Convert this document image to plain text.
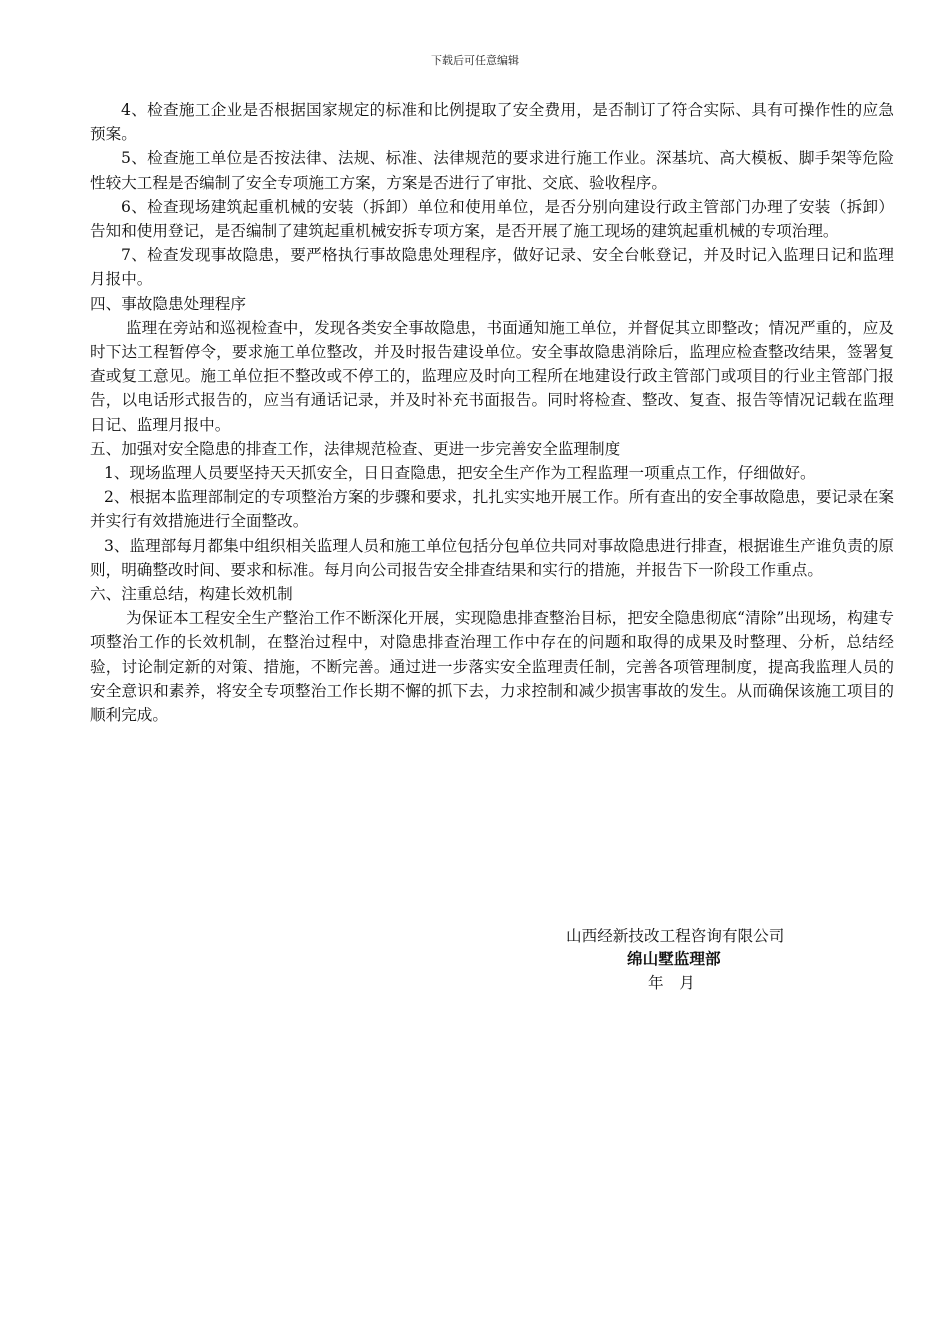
下载后可任意编辑

4、检查施工企业是否根据国家规定的标准和比例提取了安全费用，是否制订了符合实际、具有可操作性的应急预案。

5、检查施工单位是否按法律、法规、标准、法律规范的要求进行施工作业。深基坑、高大模板、脚手架等危险性较大工程是否编制了安全专项施工方案，方案是否进行了审批、交底、验收程序。

6、检查现场建筑起重机械的安装（拆卸）单位和使用单位，是否分别向建设行政主管部门办理了安装（拆卸）告知和使用登记，是否编制了建筑起重机械安拆专项方案，是否开展了施工现场的建筑起重机械的专项治理。

7、检查发现事故隐患，要严格执行事故隐患处理程序，做好记录、安全台帐登记，并及时记入监理日记和监理月报中。

四、事故隐患处理程序

监理在旁站和巡视检查中，发现各类安全事故隐患，书面通知施工单位，并督促其立即整改；情况严重的，应及时下达工程暂停令，要求施工单位整改，并及时报告建设单位。安全事故隐患消除后，监理应检查整改结果，签署复查或复工意见。施工单位拒不整改或不停工的，监理应及时向工程所在地建设行政主管部门或项目的行业主管部门报告，以电话形式报告的，应当有通话记录，并及时补充书面报告。同时将检查、整改、复查、报告等情况记载在监理日记、监理月报中。

五、加强对安全隐患的排查工作，法律规范检查、更进一步完善安全监理制度

1、现场监理人员要坚持天天抓安全，日日查隐患，把安全生产作为工程监理一项重点工作，仔细做好。

2、根据本监理部制定的专项整治方案的步骤和要求，扎扎实实地开展工作。所有查出的安全事故隐患，要记录在案并实行有效措施进行全面整改。

3、监理部每月都集中组织相关监理人员和施工单位包括分包单位共同对事故隐患进行排查，根据谁生产谁负责的原则，明确整改时间、要求和标准。每月向公司报告安全排查结果和实行的措施，并报告下一阶段工作重点。

六、注重总结，构建长效机制

为保证本工程安全生产整治工作不断深化开展，实现隐患排查整治目标，把安全隐患彻底“清除”出现场，构建专项整治工作的长效机制，在整治过程中，对隐患排查治理工作中存在的问题和取得的成果及时整理、分析，总结经验，讨论制定新的对策、措施，不断完善。通过进一步落实安全监理责任制，完善各项管理制度，提高我监理人员的安全意识和素养，将安全专项整治工作长期不懈的抓下去，力求控制和减少损害事故的发生。从而确保该施工项目的顺利完成。

山西经新技改工程咨询有限公司
绵山墅监理部
年　月
